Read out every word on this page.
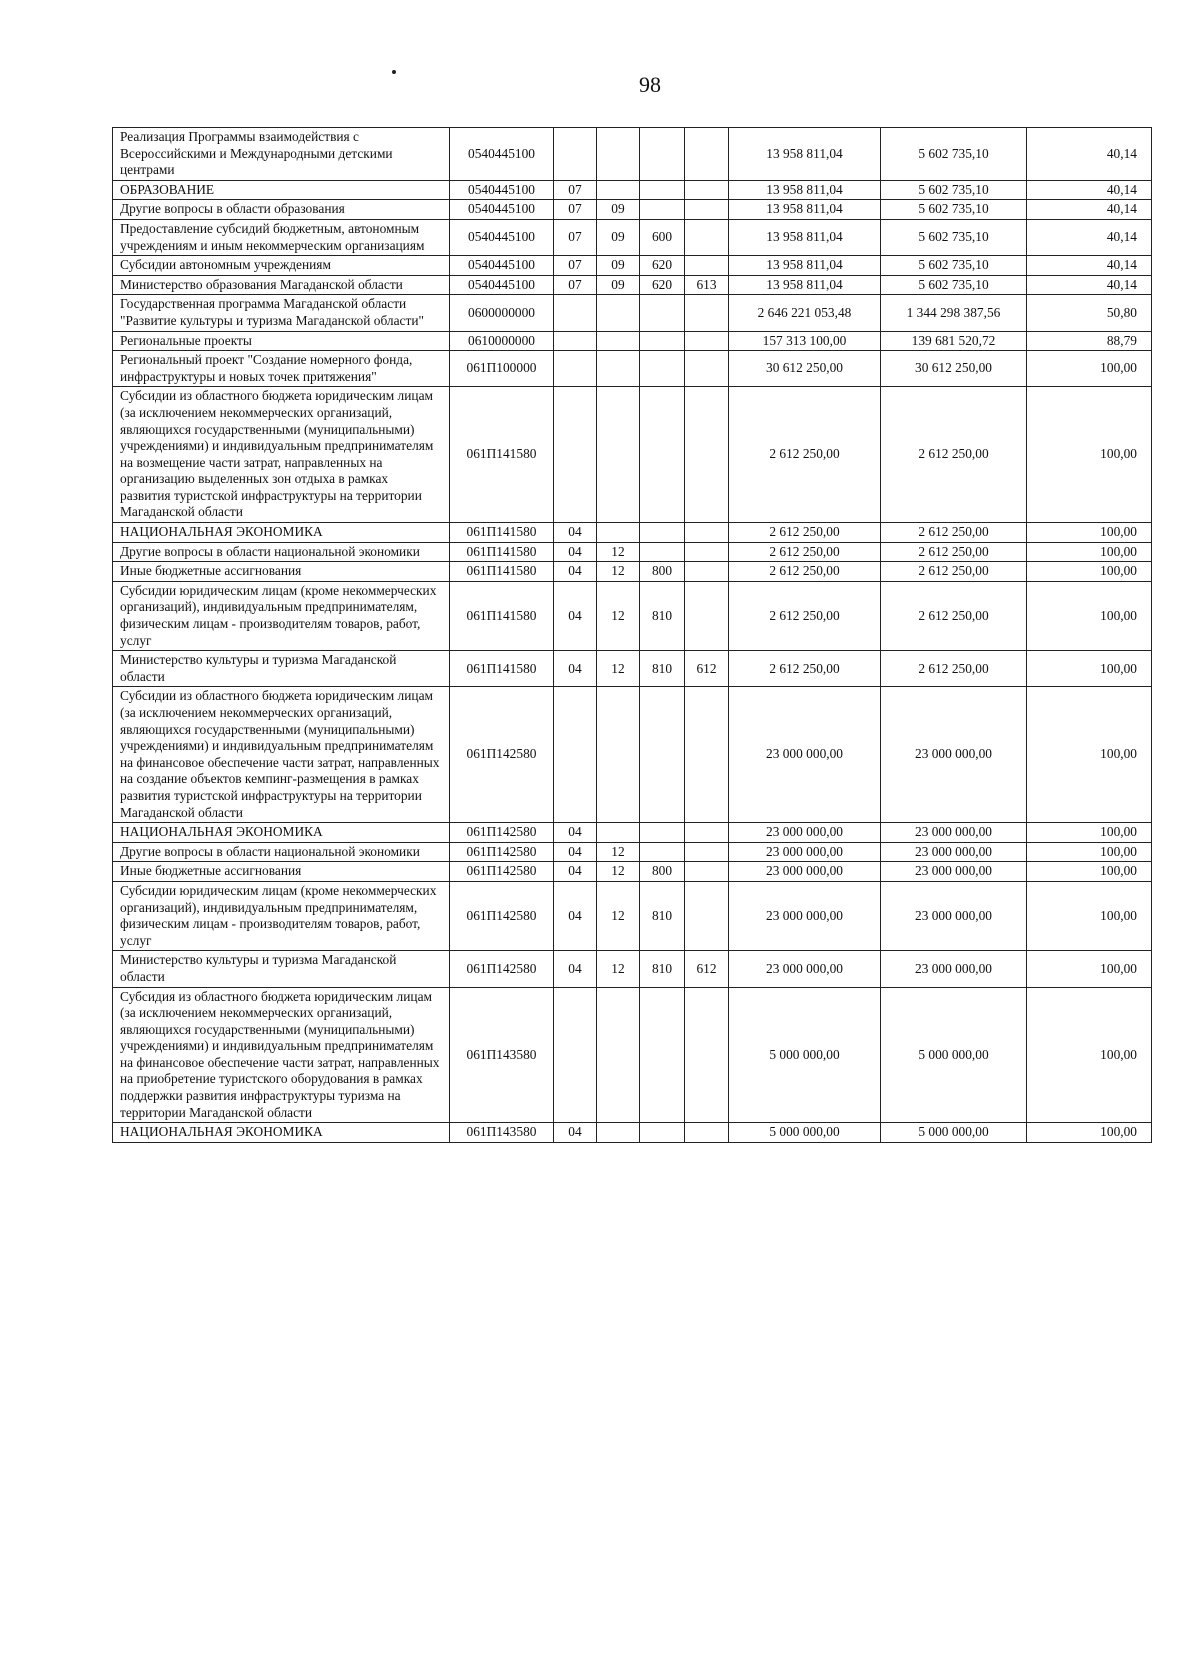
98
Реализация Программы взаимодействия с Всероссийскими и Международными детскими центрами	0540445100					13 958 811,04	5 602 735,10	40,14
ОБРАЗОВАНИЕ	0540445100	07				13 958 811,04	5 602 735,10	40,14
Другие вопросы в области образования	0540445100	07	09			13 958 811,04	5 602 735,10	40,14
Предоставление субсидий бюджетным, автономным учреждениям и иным некоммерческим организациям	0540445100	07	09	600		13 958 811,04	5 602 735,10	40,14
Субсидии автономным учреждениям	0540445100	07	09	620		13 958 811,04	5 602 735,10	40,14
Министерство образования Магаданской области	0540445100	07	09	620	613	13 958 811,04	5 602 735,10	40,14
Государственная программа Магаданской области "Развитие культуры и туризма Магаданской области"	0600000000					2 646 221 053,48	1 344 298 387,56	50,80
Региональные проекты	0610000000					157 313 100,00	139 681 520,72	88,79
Региональный проект "Создание номерного фонда, инфраструктуры и новых точек притяжения"	061П100000					30 612 250,00	30 612 250,00	100,00
Субсидии из областного бюджета юридическим лицам (за исключением некоммерческих организаций, являющихся государственными (муниципальными) учреждениями) и индивидуальным предпринимателям на возмещение части затрат, направленных на организацию выделенных зон отдыха в рамках развития туристской инфраструктуры на территории Магаданской области	061П141580					2 612 250,00	2 612 250,00	100,00
НАЦИОНАЛЬНАЯ ЭКОНОМИКА	061П141580	04				2 612 250,00	2 612 250,00	100,00
Другие вопросы в области национальной экономики	061П141580	04	12			2 612 250,00	2 612 250,00	100,00
Иные бюджетные ассигнования	061П141580	04	12	800		2 612 250,00	2 612 250,00	100,00
Субсидии юридическим лицам (кроме некоммерческих организаций), индивидуальным предпринимателям, физическим лицам - производителям товаров, работ, услуг	061П141580	04	12	810		2 612 250,00	2 612 250,00	100,00
Министерство культуры и туризма Магаданской области	061П141580	04	12	810	612	2 612 250,00	2 612 250,00	100,00
Субсидии из областного бюджета юридическим лицам (за исключением некоммерческих организаций, являющихся государственными (муниципальными) учреждениями) и индивидуальным предпринимателям на финансовое обеспечение части затрат, направленных на создание объектов кемпинг-размещения в рамках развития туристской инфраструктуры на территории Магаданской области	061П142580					23 000 000,00	23 000 000,00	100,00
НАЦИОНАЛЬНАЯ ЭКОНОМИКА	061П142580	04				23 000 000,00	23 000 000,00	100,00
Другие вопросы в области национальной экономики	061П142580	04	12			23 000 000,00	23 000 000,00	100,00
Иные бюджетные ассигнования	061П142580	04	12	800		23 000 000,00	23 000 000,00	100,00
Субсидии юридическим лицам (кроме некоммерческих организаций), индивидуальным предпринимателям, физическим лицам - производителям товаров, работ, услуг	061П142580	04	12	810		23 000 000,00	23 000 000,00	100,00
Министерство культуры и туризма Магаданской области	061П142580	04	12	810	612	23 000 000,00	23 000 000,00	100,00
Субсидия из областного бюджета юридическим лицам (за исключением некоммерческих организаций, являющихся государственными (муниципальными) учреждениями) и индивидуальным предпринимателям на финансовое обеспечение части затрат, направленных на приобретение туристского оборудования в рамках поддержки развития инфраструктуры туризма на территории Магаданской области	061П143580					5 000 000,00	5 000 000,00	100,00
НАЦИОНАЛЬНАЯ ЭКОНОМИКА	061П143580	04				5 000 000,00	5 000 000,00	100,00
